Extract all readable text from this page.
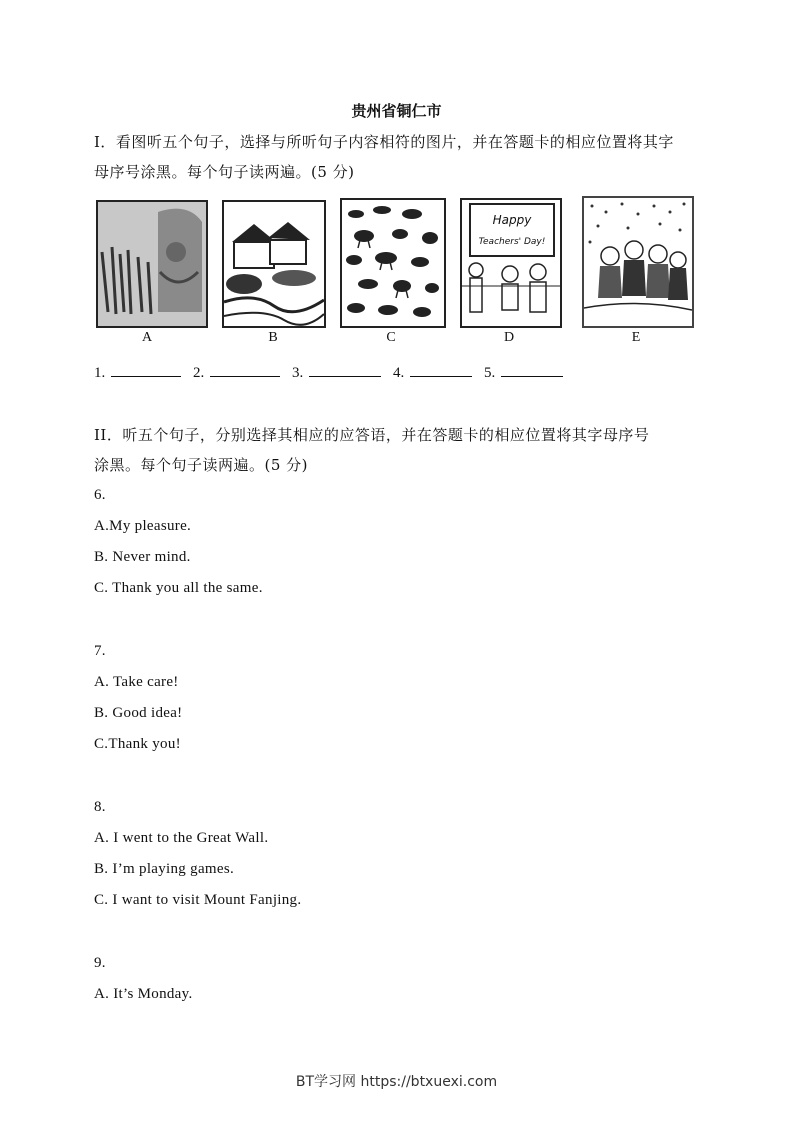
贵州省铜仁市
I．看图听五个句子，选择与所听句子内容相符的图片，并在答题卡的相应位置将其字
母序号涂黑。每个句子读两遍。(5 分)
A	B	C
Happy
Teachers' Day!
D	E
1.	2.	3.	4.	5.
II．听五个句子，分别选择其相应的应答语，并在答题卡的相应位置将其字母序号
涂黑。每个句子读两遍。(5 分)
6.
A.My pleasure.
B. Never mind.
C. Thank you all the same.
7.
A. Take care!
B. Good idea!
C.Thank you!
8.
A. I went to the Great Wall.
B. I’m playing games.
C. I want to visit Mount Fanjing.
9.
A. It’s Monday.
BT学习网 https://btxuexi.com
